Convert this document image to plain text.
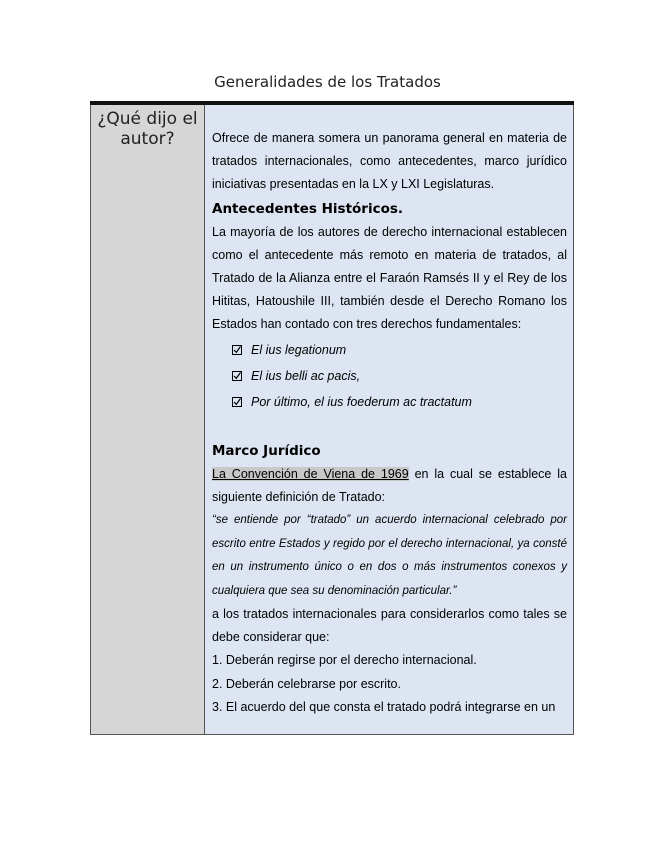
Generalidades de los Tratados
¿Qué dijo el autor?	Ofrece de manera somera un panorama general en materia de tratados internacionales, como antecedentes, marco jurídico iniciativas presentadas en la LX y LXI Legislaturas.

Antecedentes Históricos.

La mayoría de los autores de derecho internacional establecen como el antecedente más remoto en materia de tratados, al Tratado de la Alianza entre el Faraón Ramsés II y el Rey de los Hititas, Hatoushile III, también desde el Derecho Romano los Estados han contado con tres derechos fundamentales:

El ius legationum
El ius belli ac pacis,
Por último, el ius foederum ac tractatum

Marco Jurídico

La Convención de Viena de 1969 en la cual se establece la siguiente definición de Tratado:

“se entiende por “tratado” un acuerdo internacional celebrado por escrito entre Estados y regido por el derecho internacional, ya consté en un instrumento único o en dos o más instrumentos conexos y cualquiera que sea su denominación particular.”

a los tratados internacionales para considerarlos como tales se debe considerar que:

1. Deberán regirse por el derecho internacional.

2. Deberán celebrarse por escrito.

3. El acuerdo del que consta el tratado podrá integrarse en un
